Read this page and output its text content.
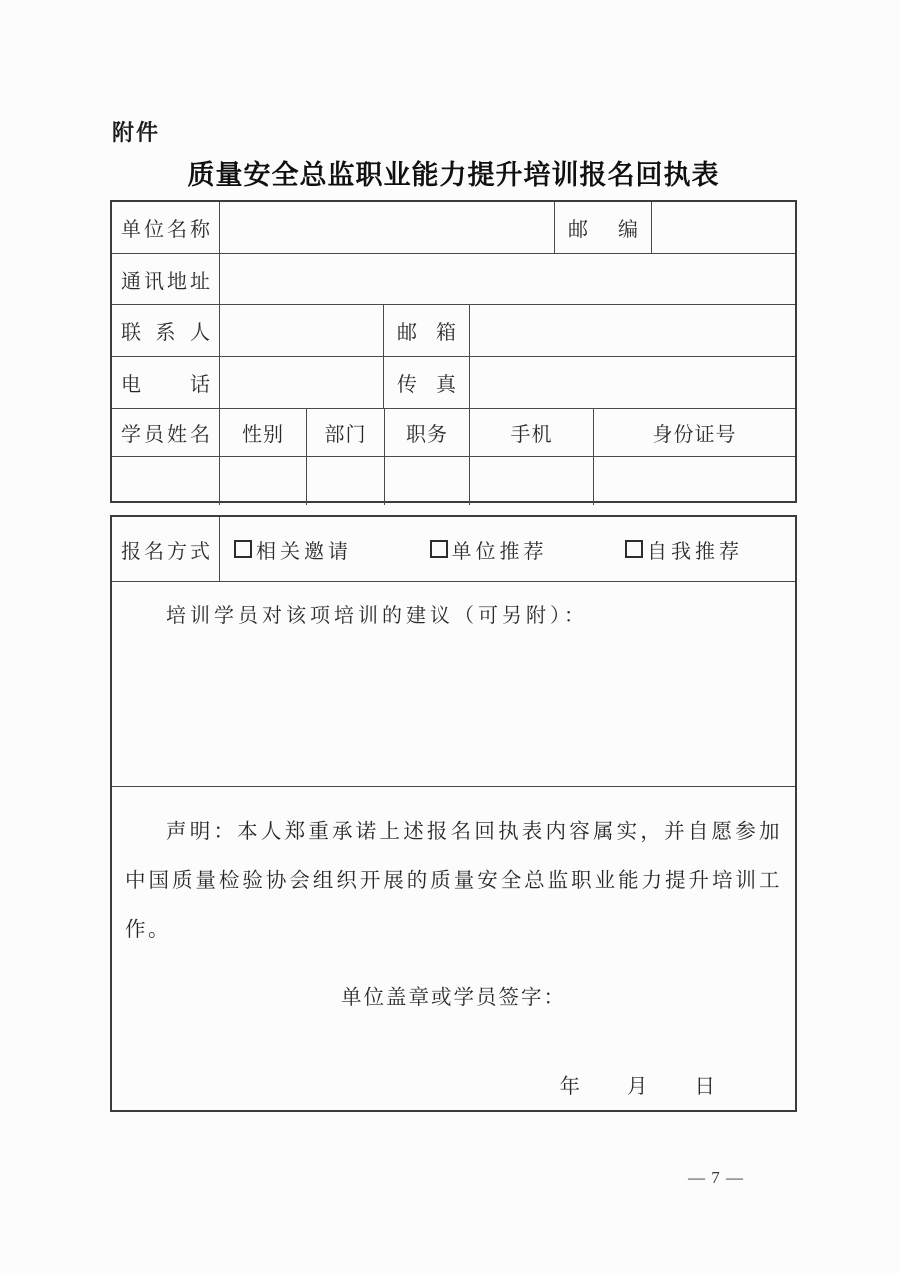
附件
质量安全总监职业能力提升培训报名回执表
单位名称	邮编
通讯地址
联系人	邮箱
电话	传真
学员姓名	性别	部门	职务	手机	身份证号
报名方式 相关邀请	单位推荐	自我推荐
培训学员对该项培训的建议（可另附）：
声明：本人郑重承诺上述报名回执表内容属实，并自愿参加中国质量检验协会组织开展的质量安全总监职业能力提升培训工作。
单位盖章或学员签字：
年 月 日
— 7 —
